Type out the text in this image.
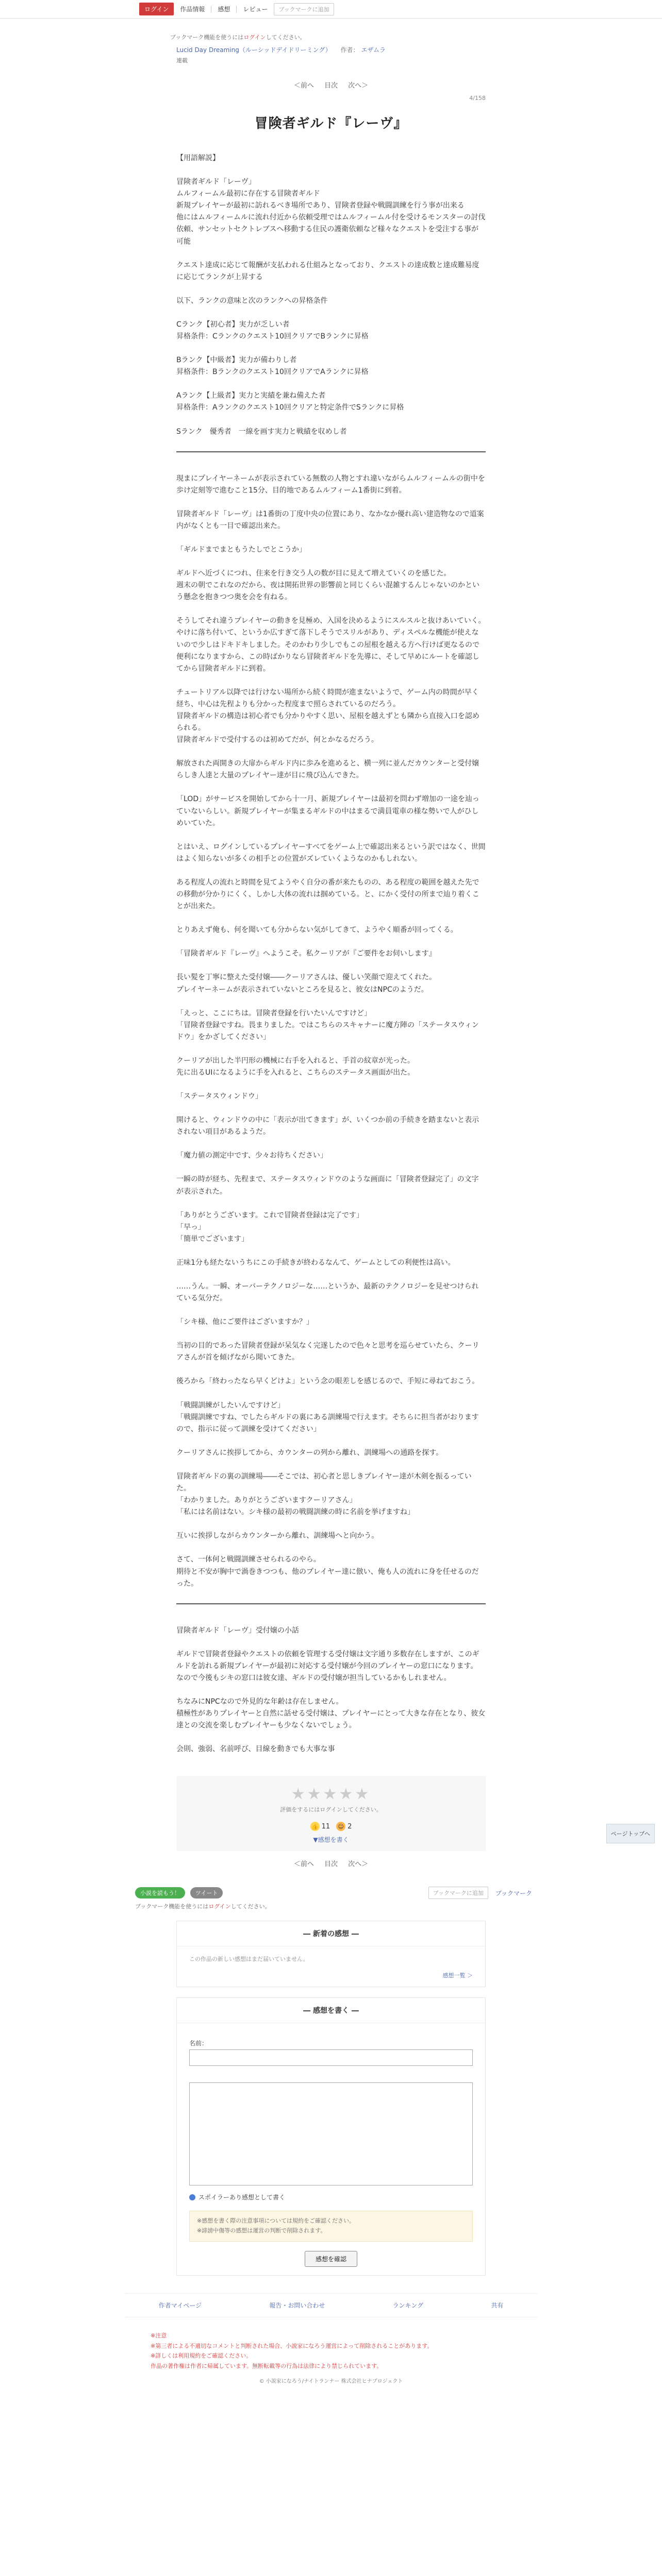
ログイン	作品情報 感想 レビュー	ブックマークに追加

ブックマーク機能を使うにはログインしてください。

Lucid Day Dreaming（ルーシッドデイドリーミング） 作者： エザムラ

連載

＜前へ 目次 次へ＞

4/158

冒険者ギルド『レーヴ』

【用語解説】

冒険者ギルド「レーヴ」

ムルフィームル最初に存在する冒険者ギルド

新規プレイヤーが最初に訪れるべき場所であり、冒険者登録や戦闘訓練を行う事が出来る

他にはムルフィームルに流れ付近から依頼受理ではムルフィームル付を受けるモンスターの討伐依頼、サンセットセクトレブスへ移動する住民の護衛依頼など様々なクエストを受注する事が可能

クエスト達成に応じて報酬が支払われる仕組みとなっており、クエストの達成数と達成難易度に応じてランクが上昇する

以下、ランクの意味と次のランクへの昇格条件

Cランク【初心者】実力が乏しい者

昇格条件：Cランクのクエスト10回クリアでBランクに昇格

Bランク【中級者】実力が備わりし者

昇格条件：Bランクのクエスト10回クリアでAランクに昇格

Aランク【上級者】実力と実績を兼ね備えた者

昇格条件：Aランクのクエスト10回クリアと特定条件でSランクに昇格

Sランク　優秀者　一線を画す実力と戦績を収めし者

現まにプレイヤーネームが表示されている無数の人物とすれ違いながらムルフィームルの街中を歩け定刻等で進むこと15分、目的地であるムルフィーム1番街に到着。

冒険者ギルド「レーヴ」は1番街の丁度中央の位置にあり、なかなか優れ高い建造物なので道案内がなくとも一目で確認出来た。

「ギルドまでまともうたしでとこうか」

ギルドへ近づくにつれ、住来を行き交う人の数が目に見えて増えていくのを感じた。

週末の朝でこれなのだから、夜は開拓世界の影響前と同じくらい混雑するんじゃないのかという懸念を抱きつつ奥を会を有ねる。

そうしてそれ違うプレイヤーの動きを見極め、入国を決めるようにスルスルと抜けあいていく。

やけに落ち付いて、というか広すぎて落下しそうでスリルがあり、ディスペルな機能が使えないので少しはドキドキしました。そのかわり少しでもこの屋根を越える方へ行けば更なるので便利になりますから、この時ばかりなら冒険者ギルドを先導に、そして早めにルートを確認してから冒険者ギルドに到着。

チュートリアル以降では行けない場所から続く時間が進まないようで、ゲーム内の時間が早く経ち、中心は先程よりも分かった程度まで照らされているのだろう。

冒険者ギルドの構造は初心者でも分かりやすく思い、屋根を越えずとも隣から直接入口を認められる。

冒険者ギルドで受付するのは初めてだが、何とかなるだろう。

解放された両開きの大扉からギルド内に歩みを進めると、横一列に並んだカウンターと受付嬢らしき人達と大量のプレイヤー達が目に飛び込んできた。

「LOD」がサービスを開始してから十一月、新規プレイヤーは最初を問わず増加の一途を辿っていないらしい。新規プレイヤーが集まるギルドの中はまるで満員電車の様な勢いで人がひしめいていた。

とはいえ、ログインしているプレイヤーすべてをゲーム上で確認出来るという訳ではなく、世間はよく知らないが多くの相手との位置がズレていくようなのかもしれない。

ある程度人の流れと時間を見てようやく自分の番が来たものの、ある程度の範囲を越えた先での移動が分かりにくく、しかし大体の流れは掴めている。と、にかく受付の所まで辿り着くことが出来た。

とりあえず俺も、何を聞いても分からない気がしてきて、ようやく順番が回ってくる。

「冒険者ギルド『レーヴ』へようこそ。私クーリアが『ご要件をお伺いします』

長い髪を丁寧に整えた受付嬢――クーリアさんは、優しい笑顔で迎えてくれた。

プレイヤーネームが表示されていないところを見ると、彼女はNPCのようだ。

「えっと、ここにちは。冒険者登録を行いたいんですけど」

「冒険者登録ですね。畏まりました。ではこちらのスキャナーに魔方陣の「ステータスウィンドウ」をかざしてください」

クーリアが出した半円形の機械に右手を入れると、手首の紋章が光った。

先に出るUIになるように手を入れると、こちらのステータス画面が出た。

「ステータスウィンドウ」

開けると、ウィンドウの中に「表示が出てきます」が、いくつか前の手続きを踏まないと表示されない項目があるようだ。

「魔力値の測定中です、少々お待ちください」

一瞬の時が経ち、先程まで、ステータスウィンドウのような画面に「冒険者登録完了」の文字が表示された。

「ありがとうございます。これで冒険者登録は完了です」

「早っ」

「簡単でございます」

正味1分も経たないうちにこの手続きが終わるなんて、ゲームとしての利便性は高い。

……うん。一瞬、オーバーテクノロジーな……というか、最新のテクノロジーを見せつけられている気分だ。

「シキ様、他にご要件はございますか？」

当初の目的であった冒険者登録が呆気なく完遂したので色々と思考を巡らせていたら、クーリアさんが首を傾げながら聞いてきた。

後ろから「終わったなら早くどけよ」という念の眼差しを感じるので、手短に尋ねておこう。

「戦闘訓練がしたいんですけど」

「戦闘訓練ですね、でしたらギルドの裏にある訓練場で行えます。そちらに担当者がおりますので、指示に従って訓練を受けてください」

クーリアさんに挨拶してから、カウンターの列から離れ、訓練場への通路を探す。

冒険者ギルドの裏の訓練場――そこでは、初心者と思しきプレイヤー達が木剣を振るっていた。

「わかりました。ありがとうございますクーリアさん」

「私には名前はない。シキ様の最初の戦闘訓練の時に名前を挙げますね」

互いに挨拶しながらカウンターから離れ、訓練場へと向かう。

さて、一体何と戦闘訓練させられるのやら。

期待と不安が胸中で渦巻きつつも、他のプレイヤー達に倣い、俺も人の流れに身を任せるのだった。

冒険者ギルド「レーヴ」受付嬢の小話

ギルドで冒険者登録やクエストの依頼を管理する受付嬢は文字通り多数存在しますが、このギルドを訪れる新規プレイヤーが最初に対応する受付嬢が今回のプレイヤーの窓口になります。

なので今後もシキの窓口は彼女達、ギルドの受付嬢が担当しているかもしれません。

ちなみにNPCなので外見的な年齢は存在しません。

積極性がありプレイヤーと自然に話せる受付嬢は、プレイヤーにとって大きな存在となり、彼女達との交流を楽しむプレイヤーも少なくないでしょう。

会則、強弱、名前呼び、目線を動きでも大事な事

★★★★★
評価をするにはログインしてください。
👍 11 ☺ 2
▼感想を書く
＜前へ 目次 次へ＞
小説を読もう！	ツイート	ブックマークに追加	ブックマーク

ブックマーク機能を使うにはログインしてください。

― 新着の感想 ―
この作品の新しい感想はまだ届いていません。
感想一覧 ＞
― 感想を書く ―
名前：

スポイラーあり感想として書く
※感想を書く際の注意事項については規約をご確認ください。
※誹謗中傷等の感想は運営の判断で削除されます。
感想を確認
作者マイページ	報告・お問い合わせ	ランキング	共有
※注意
※第三者による不適切なコメントと判断された場合、小説家になろう運営によって削除されることがあります。
※詳しくは利用規約をご確認ください。
作品の著作権は作者に帰属しています。無断転載等の行為は法律により禁じられています。

© 小説家になろう/ナイトランナー 株式会社ヒナプロジェクト

ページトップへ
